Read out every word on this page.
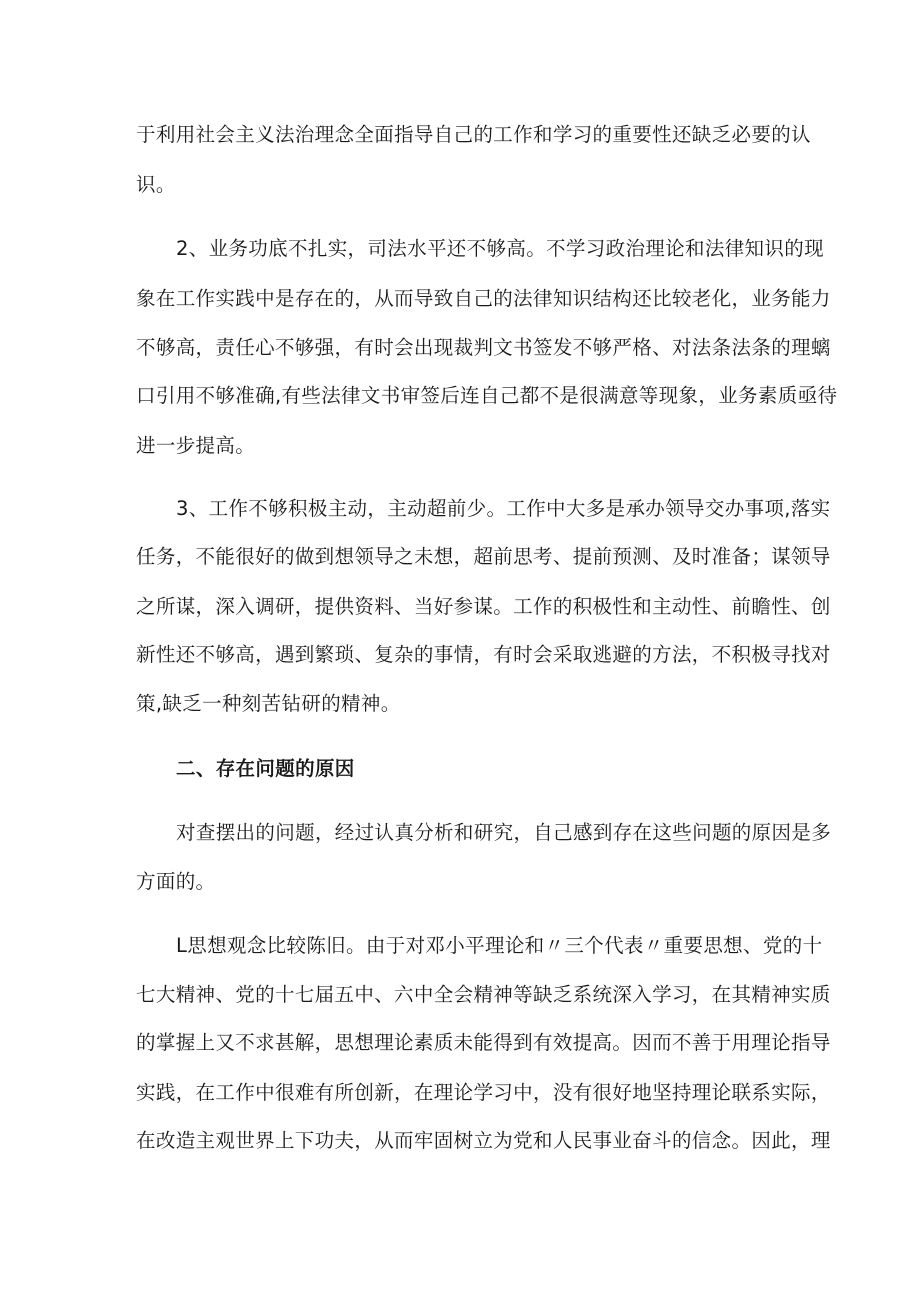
于利用社会主义法治理念全面指导自己的工作和学习的重要性还缺乏必要的认
识。
2、业务功底不扎实，司法水平还不够高。不学习政治理论和法律知识的现
象在工作实践中是存在的，从而导致自己的法律知识结构还比较老化，业务能力
不够高，责任心不够强，有时会出现裁判文书签发不够严格、对法条法条的理螭
口引用不够准确,有些法律文书审签后连自己都不是很满意等现象，业务素质亟待
进一步提高。
3、工作不够积极主动，主动超前少。工作中大多是承办领导交办事项,落实
任务，不能很好的做到想领导之未想，超前思考、提前预测、及时准备；谋领导
之所谋，深入调研，提供资料、当好参谋。工作的积极性和主动性、前瞻性、创
新性还不够高，遇到繁琐、复杂的事情，有时会采取逃避的方法，不积极寻找对
策,缺乏一种刻苦钻研的精神。
二、存在问题的原因
对查摆出的问题，经过认真分析和研究，自己感到存在这些问题的原因是多
方面的。
L思想观念比较陈旧。由于对邓小平理论和〃三个代表〃重要思想、党的十
七大精神、党的十七届五中、六中全会精神等缺乏系统深入学习，在其精神实质
的掌握上又不求甚解，思想理论素质未能得到有效提高。因而不善于用理论指导
实践，在工作中很难有所创新，在理论学习中，没有很好地坚持理论联系实际，
在改造主观世界上下功夫，从而牢固树立为党和人民事业奋斗的信念。因此，理
